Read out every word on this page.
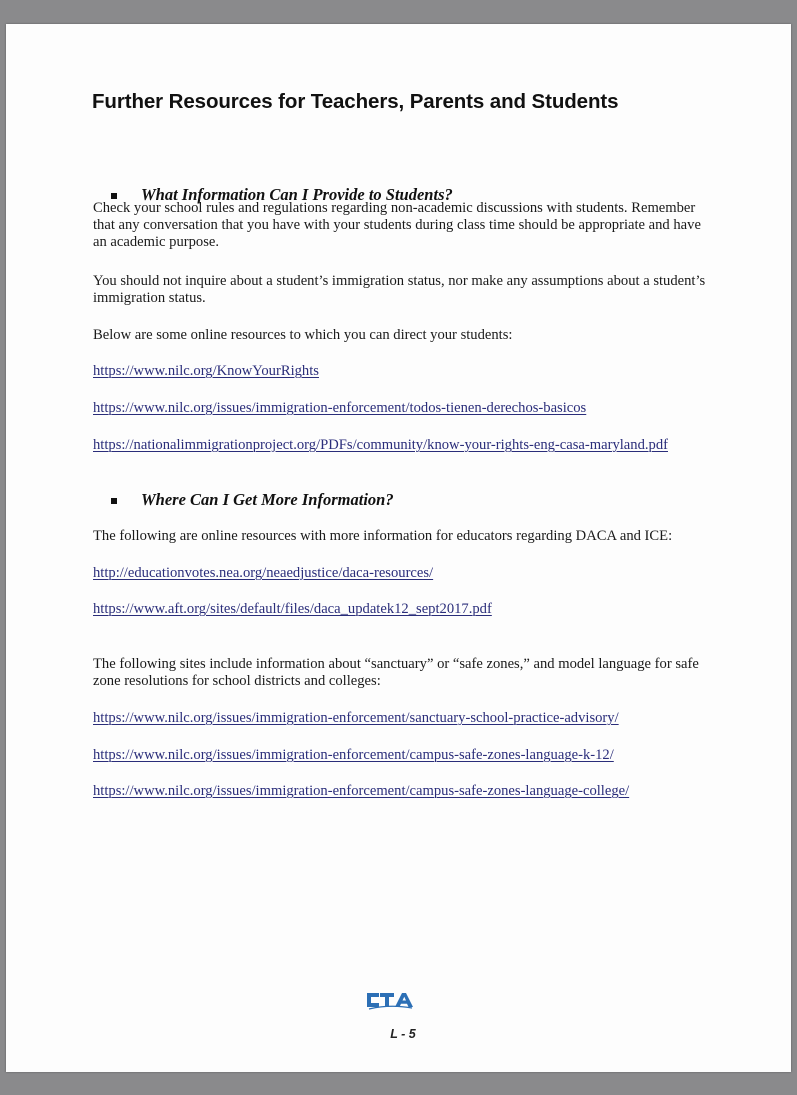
Further Resources for Teachers, Parents and Students
What Information Can I Provide to Students?

Check your school rules and regulations regarding non-academic discussions with students. Remember that any conversation that you have with your students during class time should be appropriate and have an academic purpose.

You should not inquire about a student’s immigration status, nor make any assumptions about a student’s immigration status.

Below are some online resources to which you can direct your students:

https://www.nilc.org/KnowYourRights
https://www.nilc.org/issues/immigration-enforcement/todos-tienen-derechos-basicos
https://nationalimmigrationproject.org/PDFs/community/know-your-rights-eng-casa-maryland.pdf
Where Can I Get More Information?

The following are online resources with more information for educators regarding DACA and ICE:

http://educationvotes.nea.org/neaedjustice/daca-resources/
https://www.aft.org/sites/default/files/daca_updatek12_sept2017.pdf

The following sites include information about “sanctuary” or “safe zones,” and model language for safe zone resolutions for school districts and colleges:

https://www.nilc.org/issues/immigration-enforcement/sanctuary-school-practice-advisory/
https://www.nilc.org/issues/immigration-enforcement/campus-safe-zones-language-k-12/
https://www.nilc.org/issues/immigration-enforcement/campus-safe-zones-language-college/
L - 5
